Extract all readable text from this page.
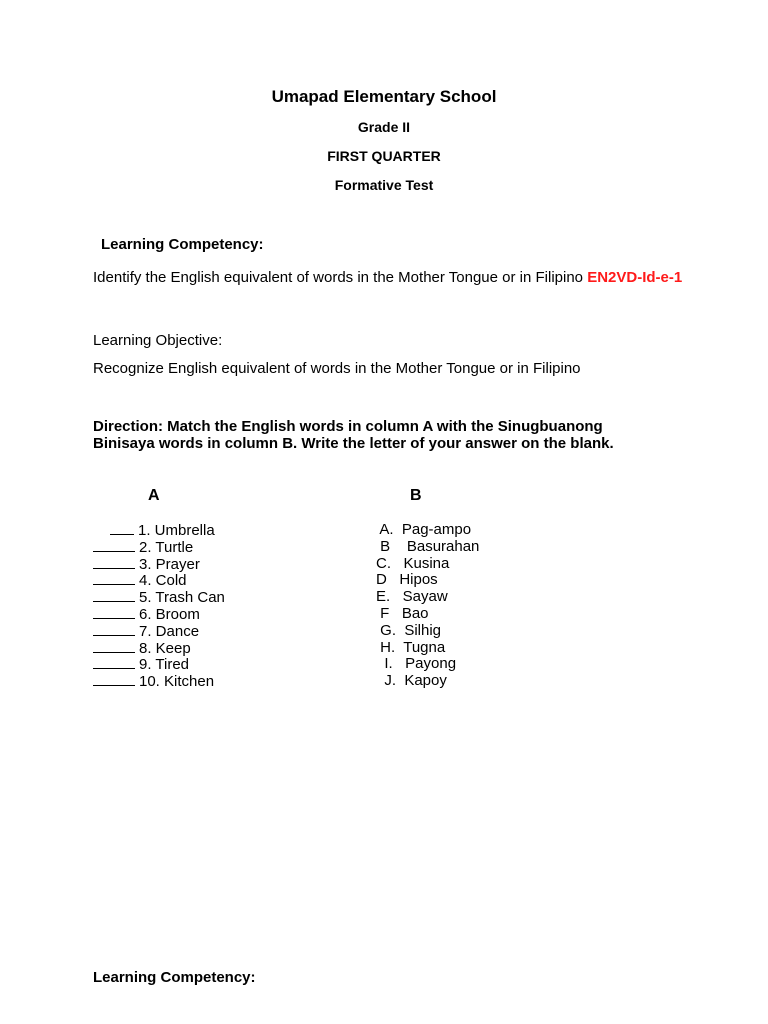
Umapad Elementary School
Grade II
FIRST QUARTER
Formative Test
Learning Competency:
Identify the English equivalent of words in the Mother Tongue or in Filipino EN2VD-Id-e-1
Learning Objective:
Recognize English equivalent of words in the Mother Tongue or in Filipino
Direction: Match the English words in column A with the Sinugbuanong Binisaya words in column B. Write the letter of your answer on the blank.
A	B
1. Umbrella
2. Turtle
3. Prayer
4. Cold
5. Trash Can
6. Broom
7. Dance
8. Keep
9. Tired
10. Kitchen
A.  Pag-ampo
B    Basurahan
C.   Kusina
D   Hipos
E.   Sayaw
F   Bao
G.  Silhig
H.  Tugna
I.   Payong
J.  Kapoy
Learning Competency:
